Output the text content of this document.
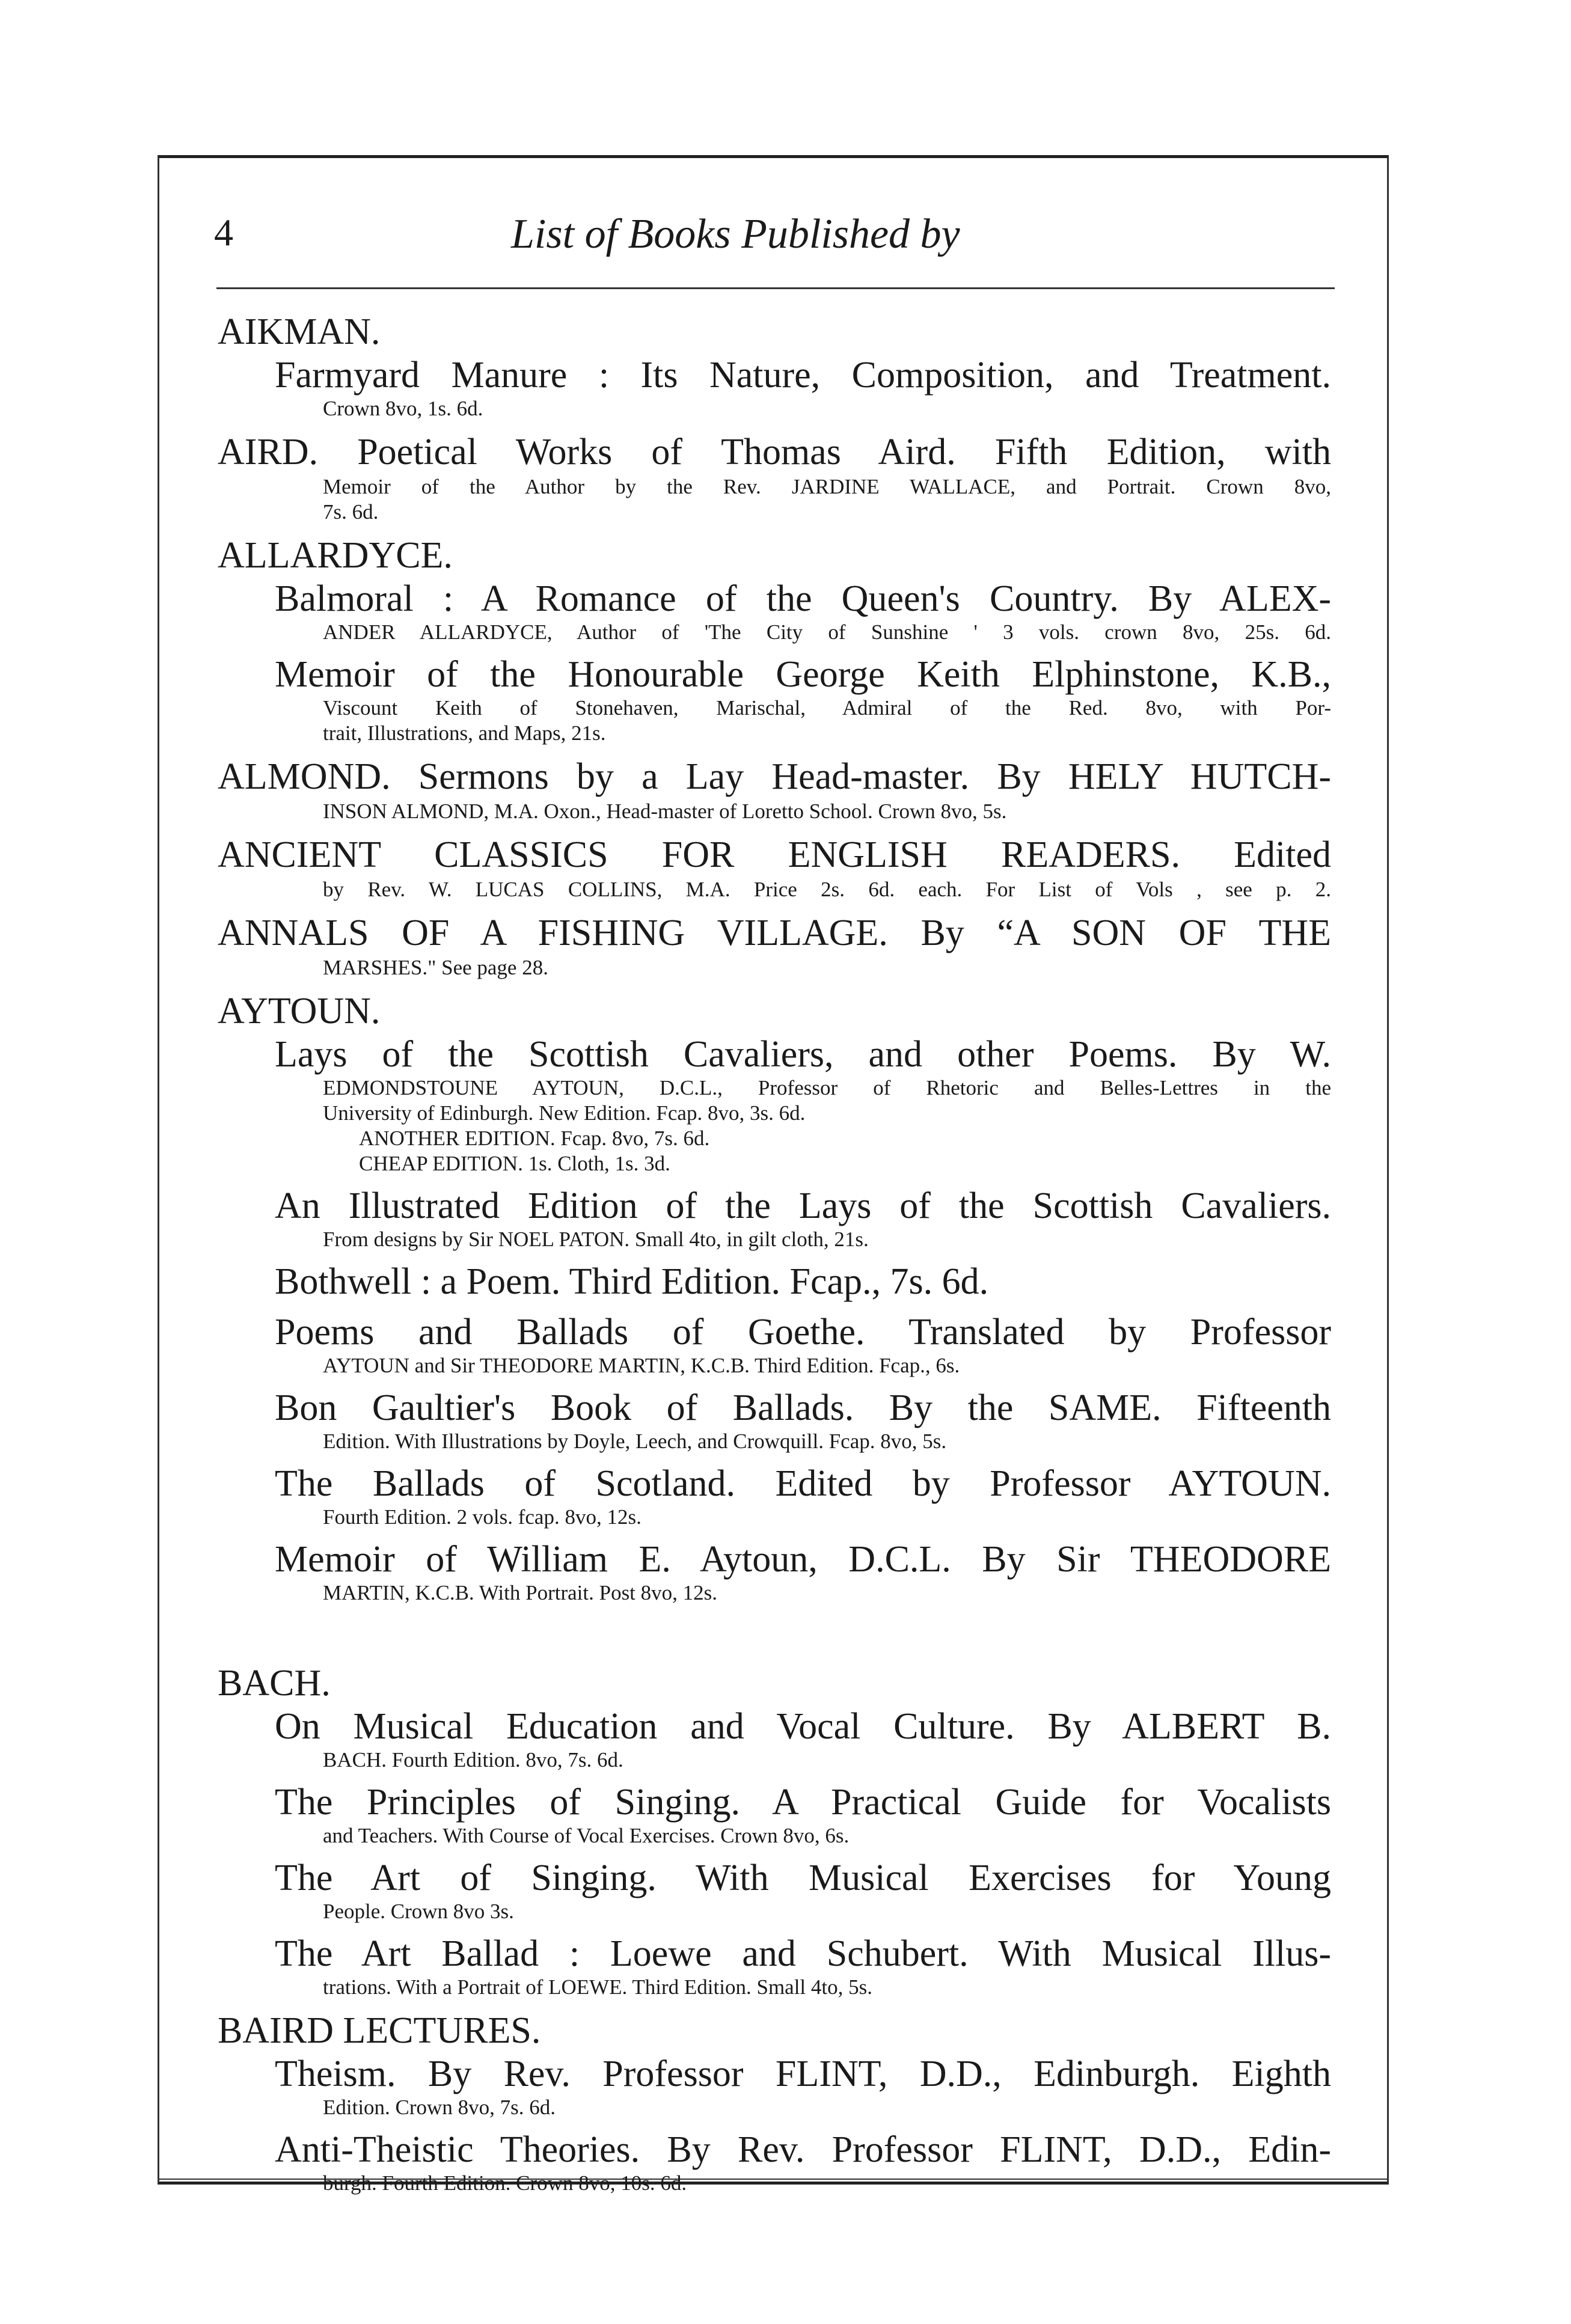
4	List of Books Published by
AIKMAN.
Farmyard Manure : Its Nature, Composition, and Treatment.
Crown 8vo, 1s. 6d.
AIRD. Poetical Works of Thomas Aird. Fifth Edition, with
Memoir of the Author by the Rev. JARDINE WALLACE, and Portrait. Crown 8vo,
7s. 6d.
ALLARDYCE.
Balmoral : A Romance of the Queen's Country. By ALEX-
ANDER ALLARDYCE, Author of 'The City of Sunshine ' 3 vols. crown 8vo, 25s. 6d.
Memoir of the Honourable George Keith Elphinstone, K.B.,
Viscount Keith of Stonehaven, Marischal, Admiral of the Red. 8vo, with Por-
trait, Illustrations, and Maps, 21s.
ALMOND. Sermons by a Lay Head-master. By HELY HUTCH-
INSON ALMOND, M.A. Oxon., Head-master of Loretto School. Crown 8vo, 5s.
ANCIENT CLASSICS FOR ENGLISH READERS. Edited
by Rev. W. LUCAS COLLINS, M.A. Price 2s. 6d. each. For List of Vols , see p. 2.
ANNALS OF A FISHING VILLAGE. By “A SON OF THE
MARSHES." See page 28.
AYTOUN.
Lays of the Scottish Cavaliers, and other Poems. By W.
EDMONDSTOUNE AYTOUN, D.C.L., Professor of Rhetoric and Belles-Lettres in the
University of Edinburgh. New Edition. Fcap. 8vo, 3s. 6d.
ANOTHER EDITION. Fcap. 8vo, 7s. 6d.
CHEAP EDITION. 1s. Cloth, 1s. 3d.
An Illustrated Edition of the Lays of the Scottish Cavaliers.
From designs by Sir NOEL PATON. Small 4to, in gilt cloth, 21s.
Bothwell : a Poem. Third Edition. Fcap., 7s. 6d.
Poems and Ballads of Goethe. Translated by Professor
AYTOUN and Sir THEODORE MARTIN, K.C.B. Third Edition. Fcap., 6s.
Bon Gaultier's Book of Ballads. By the SAME. Fifteenth
Edition. With Illustrations by Doyle, Leech, and Crowquill. Fcap. 8vo, 5s.
The Ballads of Scotland. Edited by Professor AYTOUN.
Fourth Edition. 2 vols. fcap. 8vo, 12s.
Memoir of William E. Aytoun, D.C.L. By Sir THEODORE
MARTIN, K.C.B. With Portrait. Post 8vo, 12s.
BACH.
On Musical Education and Vocal Culture. By ALBERT B.
BACH. Fourth Edition. 8vo, 7s. 6d.
The Principles of Singing. A Practical Guide for Vocalists
and Teachers. With Course of Vocal Exercises. Crown 8vo, 6s.
The Art of Singing. With Musical Exercises for Young
People. Crown 8vo 3s.
The Art Ballad : Loewe and Schubert. With Musical Illus-
trations. With a Portrait of LOEWE. Third Edition. Small 4to, 5s.
BAIRD LECTURES.
Theism. By Rev. Professor FLINT, D.D., Edinburgh. Eighth
Edition. Crown 8vo, 7s. 6d.
Anti-Theistic Theories. By Rev. Professor FLINT, D.D., Edin-
burgh. Fourth Edition. Crown 8vo, 10s. 6d.
